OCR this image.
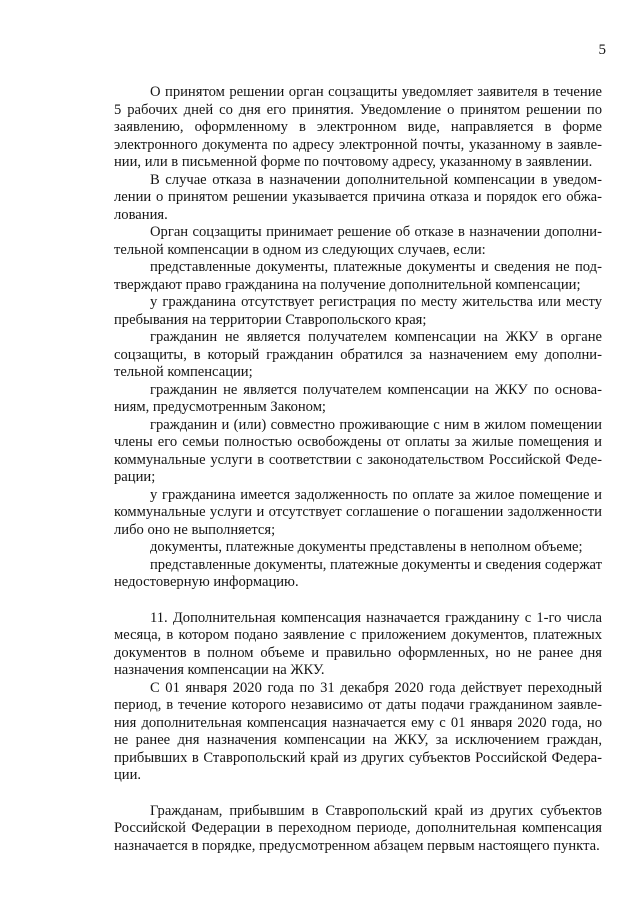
5

О принятом решении орган соцзащиты уведомляет заявителя в течение 5 рабочих дней со дня его принятия. Уведомление о принятом решении по заявлению, оформленному в электронном виде, направляется в форме электронного документа по адресу электронной почты, указанному в заявлении, или в письменной форме по почтовому адресу, указанному в заявлении.

В случае отказа в назначении дополнительной компенсации в уведомлении о принятом решении указывается причина отказа и порядок его обжалования.

Орган соцзащиты принимает решение об отказе в назначении дополнительной компенсации в одном из следующих случаев, если:

представленные документы, платежные документы и сведения не подтверждают право гражданина на получение дополнительной компенсации;

у гражданина отсутствует регистрация по месту жительства или месту пребывания на территории Ставропольского края;

гражданин не является получателем компенсации на ЖКУ в органе соцзащиты, в который гражданин обратился за назначением ему дополнительной компенсации;

гражданин не является получателем компенсации на ЖКУ по основаниям, предусмотренным Законом;

гражданин и (или) совместно проживающие с ним в жилом помещении члены его семьи полностью освобождены от оплаты за жилые помещения и коммунальные услуги в соответствии с законодательством Российской Федерации;

у гражданина имеется задолженность по оплате за жилое помещение и коммунальные услуги и отсутствует соглашение о погашении задолженности либо оно не выполняется;

документы, платежные документы представлены в неполном объеме;

представленные документы, платежные документы и сведения содержат недостоверную информацию.

11. Дополнительная компенсация назначается гражданину с 1-го числа месяца, в котором подано заявление с приложением документов, платежных документов в полном объеме и правильно оформленных, но не ранее дня назначения компенсации на ЖКУ.

С 01 января 2020 года по 31 декабря 2020 года действует переходный период, в течение которого независимо от даты подачи гражданином заявления дополнительная компенсация назначается ему с 01 января 2020 года, но не ранее дня назначения компенсации на ЖКУ, за исключением граждан, прибывших в Ставропольский край из других субъектов Российской Федерации.

Гражданам, прибывшим в Ставропольский край из других субъектов Российской Федерации в переходном периоде, дополнительная компенсация назначается в порядке, предусмотренном абзацем первым настоящего пункта.
